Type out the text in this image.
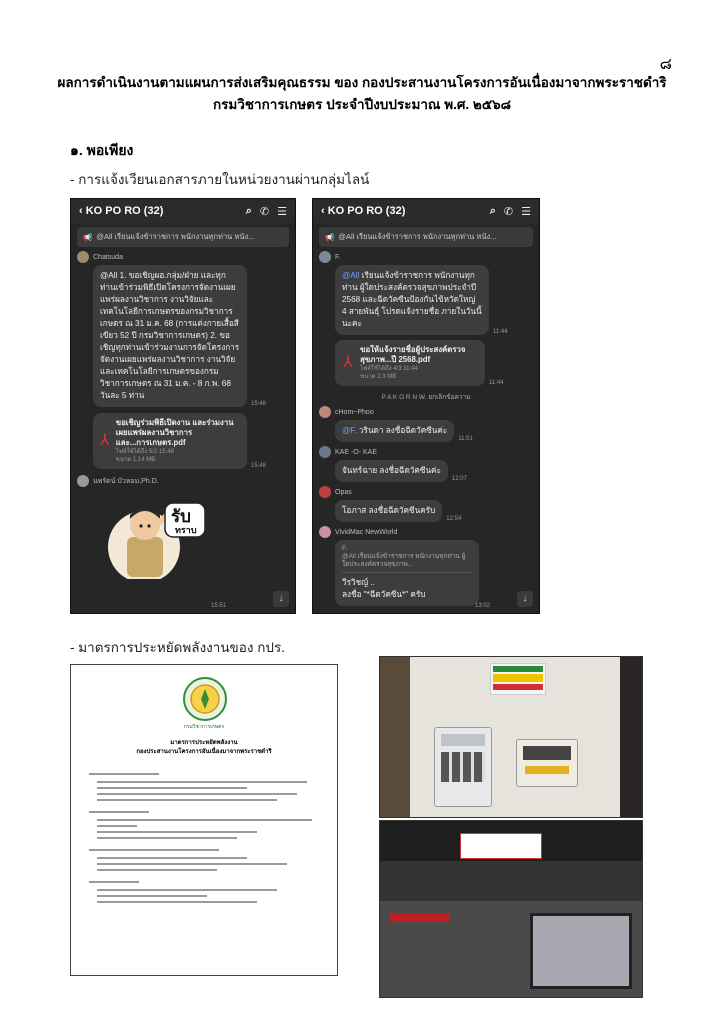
๘
ผลการดำเนินงานตามแผนการส่งเสริมคุณธรรม ของ กองประสานงานโครงการอันเนื่องมาจากพระราชดำริ
กรมวิชาการเกษตร ประจำปีงบประมาณ พ.ศ. ๒๕๖๘
๑. พอเพียง
- การแจ้งเวียนเอกสารภายในหน่วยงานผ่านกลุ่มไลน์
‹
KO PO RO (32)	⌕ ✆ ☰
📢 @All เรียนแจ้งข้าราชการ พนักงานทุกท่าน หนัง...
Chatsuda
@All 1. ขอเชิญผอ.กลุ่ม/ฝ่าย และทุกท่านเข้าร่วมพิธีเปิดโครงการจัดงานเผยแพร่ผลงานวิชาการ งานวิจัยและเทคโนโลยีการเกษตรของกรมวิชาการเกษตร ณ 31 ม.ค. 68 (การแต่งกายเสื้อสีเขียว 52 ปี กรมวิชาการเกษตร) 2. ขอเชิญทุกท่านเข้าร่วมงานการจัดโครงการจัดงานเผยแพร่ผลงานวิชาการ งานวิจัยและเทคโนโลยีการเกษตรของกรมวิชาการเกษตร ณ 31 ม.ค. - 8 ก.พ. 68 วันละ 5 ท่าน
15:48
⅄
ขอเชิญร่วมพิธีเปิดงาน และร่วมงานเผยแพร่ผลงานวิชาการ และ...การเกษตร.pdf
ไฟล์ใช้ได้ถึง 5/2 15:48
ขนาด 1.14 MB
15:48
นพรัตน์ บัวหอม,Ph.D.
รับ
ทราบ
15:51
↓
‹
KO PO RO (32)	⌕ ✆ ☰
📢 @All เรียนแจ้งข้าราชการ พนักงานทุกท่าน หนัง...
F.
@All เรียนแจ้งข้าราชการ พนักงานทุกท่าน ผู้ใดประสงค์ตรวจสุขภาพประจำปี 2568 และฉีดวัคซีนป้องกันไข้หวัดใหญ่ 4 สายพันธุ์ โปรดแจ้งรายชื่อ ภายในวันนี้นะคะ
11:44
⅄
ขอให้แจ้งรายชื่อผู้ประสงค์ตรวจสุขภาพ...ปี 2568.pdf
ไฟล์ใช้ได้ถึง 4/3 11:44
ขนาด 2.3 MB
11:44
P A K O R N W. ยกเลิกข้อความ
cHom~Phoo
@F. วรินดา ลงชื่อฉีดวัคซีนค่ะ
11:51
KAE -O- KAE
จันทร์ฉาย ลงชื่อฉีดวัคซีนค่ะ
12:07
Opas
โอภาส ลงชื่อฉีดวัคซีนครับ
12:54
VividMac NewWorld
F.
@All เรียนแจ้งข้าราชการ พนักงานทุกท่าน ผู้ใดประสงค์ตรวจสุขภาพ...
วีรวิชญ์ ..
ลงชื่อ "*ฉีดวัคซีน*" ครับ
13:02
↓
- มาตรการประหยัดพลังงานของ กปร.
กรมวิชาการเกษตร
มาตรการประหยัดพลังงาน
กองประสานงานโครงการอันเนื่องมาจากพระราชดำริ
